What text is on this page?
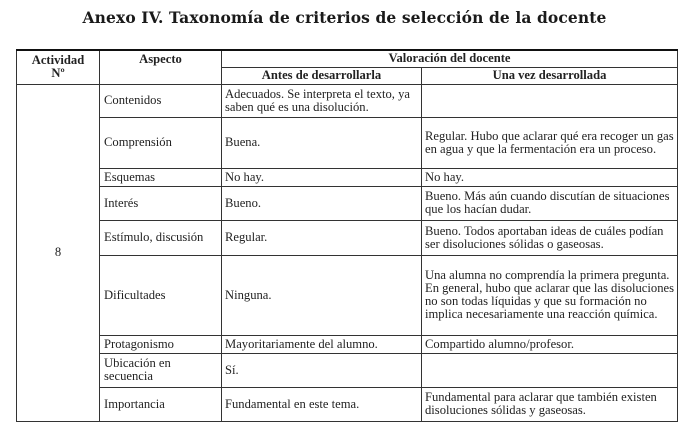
Anexo IV. Taxonomía de criterios de selección de la docente
Actividad
Nº	Aspecto	Valoración del docente	
		Antes de desarrollarla	Una vez desarrollada
8	Contenidos	Adecuados. Se interpreta el texto, ya saben qué es una disolución.	
	Comprensión	Buena.	Regular. Hubo que aclarar qué era recoger un gas en agua y que la fermentación era un proceso.
	Esquemas	No hay.	No hay.
	Interés	Bueno.	Bueno. Más aún cuando discutían de situaciones que los hacían dudar.
	Estímulo, discusión	Regular.	Bueno. Todos aportaban ideas de cuáles podían ser disoluciones sólidas o gaseosas.
	Dificultades	Ninguna.	Una alumna no comprendía la primera pregunta. En general, hubo que aclarar que las disoluciones no son todas líquidas y que su formación no implica necesariamente una reacción química.
	Protagonismo	Mayoritariamente del alumno.	Compartido alumno/profesor.
	Ubicación en secuencia	Sí.	
	Importancia	Fundamental en este tema.	Fundamental para aclarar que también existen disoluciones sólidas y gaseosas.
